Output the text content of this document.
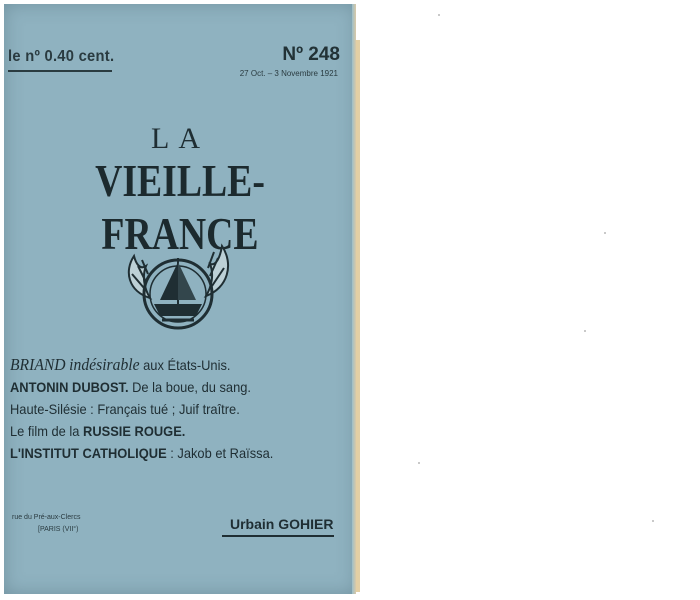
le nº 0.40 cent.	Nº 248
27 Oct. – 3 Novembre 1921
LA
VIEILLE-FRANCE
BRIAND indésirable aux États-Unis.
ANTONIN DUBOST. De la boue, du sang.
Haute-Silésie : Français tué ; Juif traître.
Le film de la RUSSIE ROUGE.
L'INSTITUT CATHOLIQUE : Jakob et Raïssa.
rue du Pré-aux-Clercs
[PARIS (VII°)	Urbain GOHIER
